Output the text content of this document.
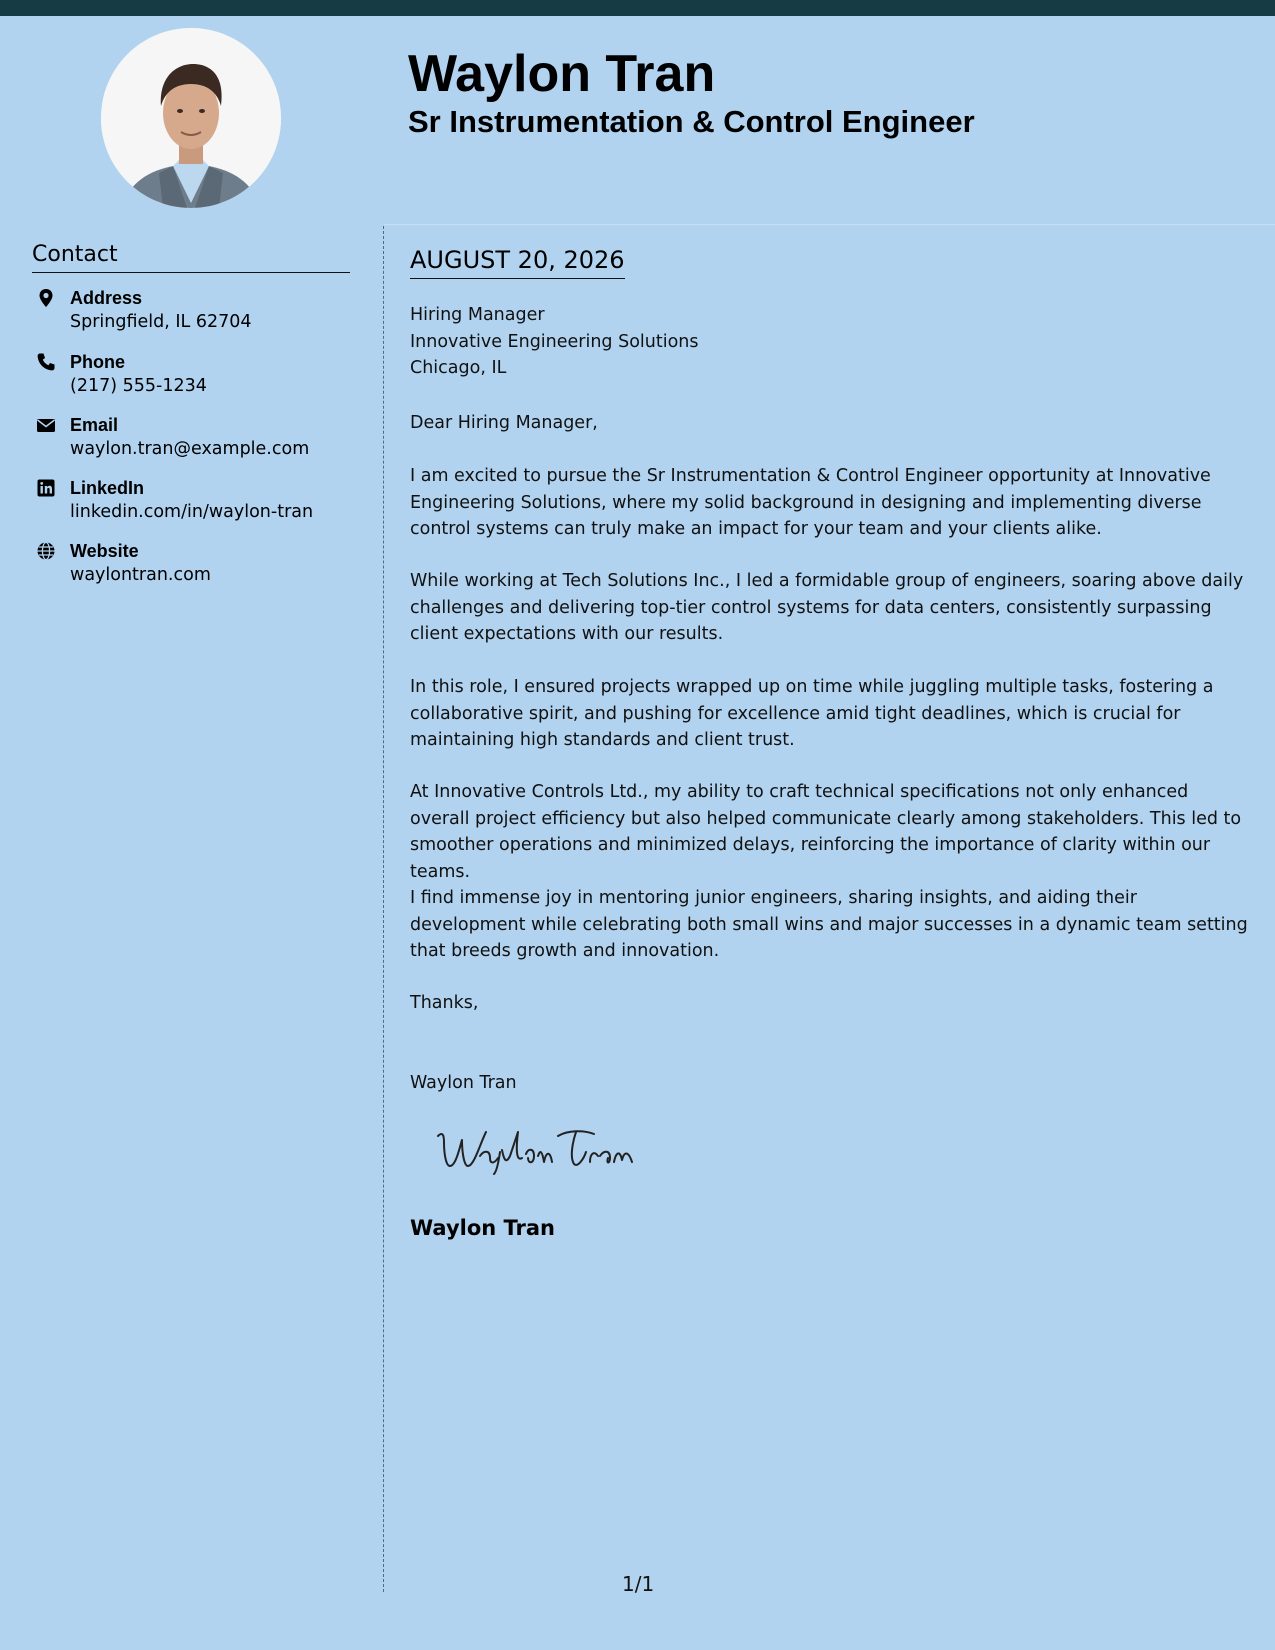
Waylon Tran
Sr Instrumentation & Control Engineer
Contact
Address
Springfield, IL 62704
Phone
(217) 555-1234
Email
waylon.tran@example.com
LinkedIn
linkedin.com/in/waylon-tran
Website
waylontran.com
AUGUST 20, 2026
Hiring Manager
Innovative Engineering Solutions
Chicago, IL

Dear Hiring Manager,

I am excited to pursue the Sr Instrumentation & Control Engineer opportunity at Innovative Engineering Solutions, where my solid background in designing and implementing diverse control systems can truly make an impact for your team and your clients alike.

While working at Tech Solutions Inc., I led a formidable group of engineers, soaring above daily challenges and delivering top-tier control systems for data centers, consistently surpassing client expectations with our results.

In this role, I ensured projects wrapped up on time while juggling multiple tasks, fostering a collaborative spirit, and pushing for excellence amid tight deadlines, which is crucial for maintaining high standards and client trust.

At Innovative Controls Ltd., my ability to craft technical specifications not only enhanced overall project efficiency but also helped communicate clearly among stakeholders. This led to smoother operations and minimized delays, reinforcing the importance of clarity within our teams.

I find immense joy in mentoring junior engineers, sharing insights, and aiding their development while celebrating both small wins and major successes in a dynamic team setting that breeds growth and innovation.

Thanks,

Waylon Tran

Waylon Tran
1/1
